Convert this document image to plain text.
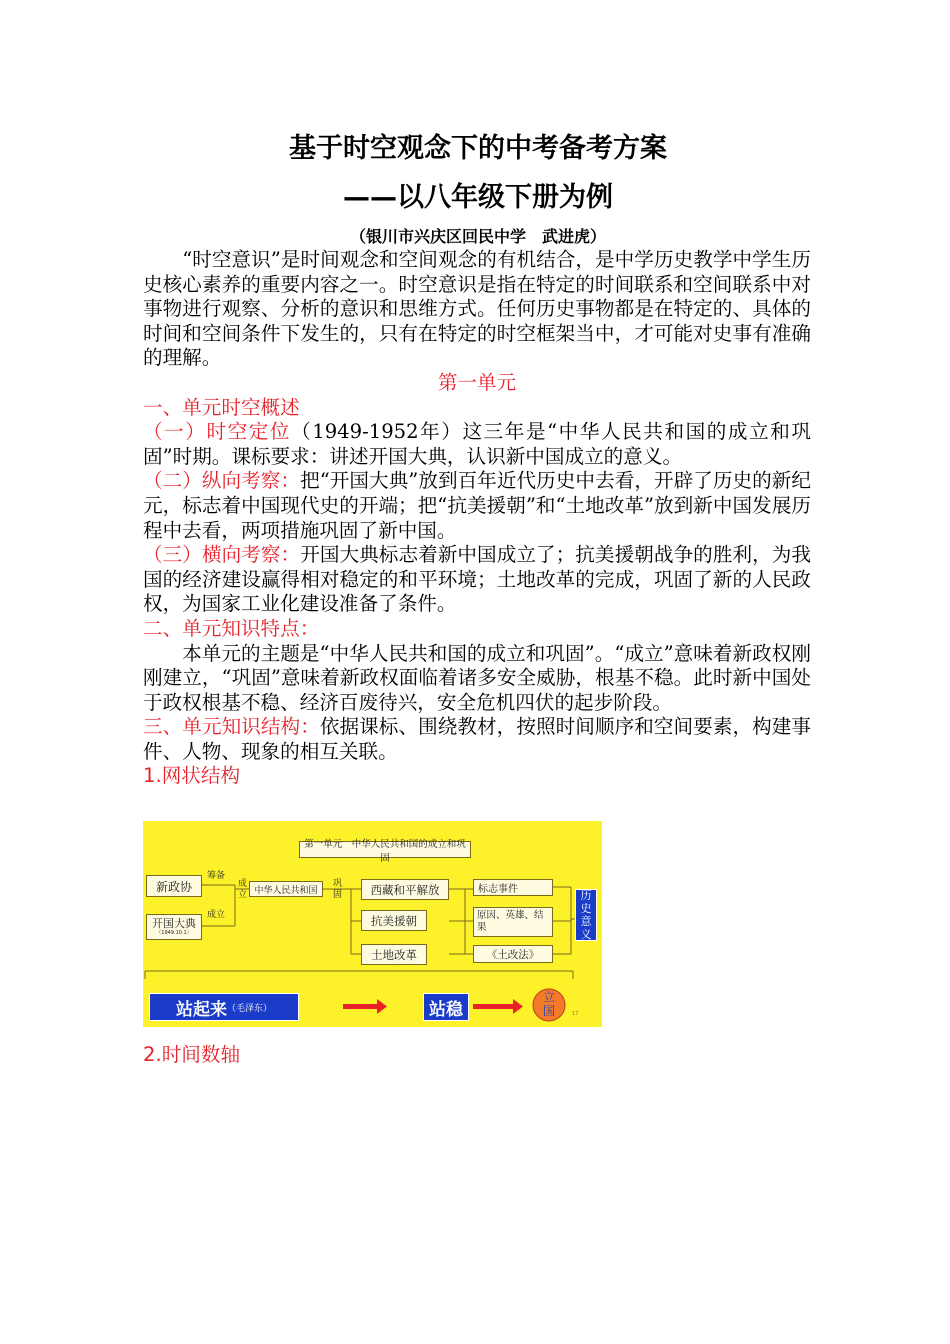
基于时空观念下的中考备考方案
——以八年级下册为例
（银川市兴庆区回民中学　武进虎）

“时空意识”是时间观念和空间观念的有机结合，是中学历史教学中学生历史核心素养的重要内容之一。时空意识是指在特定的时间联系和空间联系中对事物进行观察、分析的意识和思维方式。任何历史事物都是在特定的、具体的时间和空间条件下发生的，只有在特定的时空框架当中，才可能对史事有准确的理解。

第一单元

一、单元时空概述

（一）时空定位（1949-1952年）这三年是“中华人民共和国的成立和巩固”时期。课标要求：讲述开国大典，认识新中国成立的意义。

（二）纵向考察：把“开国大典”放到百年近代历史中去看，开辟了历史的新纪元，标志着中国现代史的开端；把“抗美援朝”和“土地改革”放到新中国发展历程中去看，两项措施巩固了新中国。

（三）横向考察：开国大典标志着新中国成立了；抗美援朝战争的胜利，为我国的经济建设赢得相对稳定的和平环境；土地改革的完成，巩固了新的人民政权，为国家工业化建设准备了条件。

二、单元知识特点：

本单元的主题是“中华人民共和国的成立和巩固”。“成立”意味着新政权刚刚建立，“巩固”意味着新政权面临着诸多安全威胁，根基不稳。此时新中国处于政权根基不稳、经济百废待兴，安全危机四伏的起步阶段。

三、单元知识结构：依据课标、围绕教材，按照时间顺序和空间要素，构建事件、人物、现象的相互关联。

1.网状结构

第一单元　中华人民共和国的成立和巩固
新政协
开国大典
（1949.10.1）
筹备
成立
成立 中华人民共和国
巩固	西藏和平解放
抗美援朝
土地改革
标志事件
原因、英雄、结果
《土改法》
历史意义
站起来 （毛泽东）	站稳
立国	17
2.时间数轴
